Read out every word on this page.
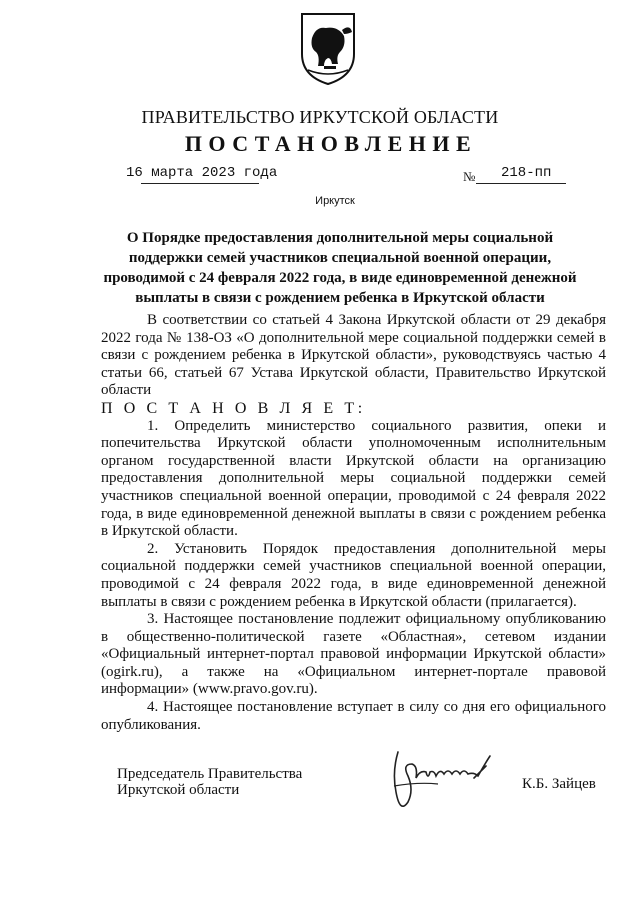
ПРАВИТЕЛЬСТВО ИРКУТСКОЙ ОБЛАСТИ
ПОСТАНОВЛЕНИЕ
16 марта 2023 года	№ 218-пп
Иркутск
О Порядке предоставления дополнительной меры социальной
поддержки семей участников специальной военной операции,
проводимой с 24 февраля 2022 года, в виде единовременной денежной
выплаты в связи с рождением ребенка в Иркутской области

В соответствии со статьей 4 Закона Иркутской области от 29 декабря 2022 года № 138-ОЗ «О дополнительной мере социальной поддержки семей в связи с рождением ребенка в Иркутской области», руководствуясь частью 4 статьи 66, статьей 67 Устава Иркутской области, Правительство Иркутской области

П О С Т А Н О В Л Я Е Т:

1. Определить министерство социального развития, опеки и попечительства Иркутской области уполномоченным исполнительным органом государственной власти Иркутской области на организацию предоставления дополнительной меры социальной поддержки семей участников специальной военной операции, проводимой с 24 февраля 2022 года, в виде единовременной денежной выплаты в связи с рождением ребенка в Иркутской области.

2. Установить Порядок предоставления дополнительной меры социальной поддержки семей участников специальной военной операции, проводимой с 24 февраля 2022 года, в виде единовременной денежной выплаты в связи с рождением ребенка в Иркутской области (прилагается).

3. Настоящее постановление подлежит официальному опубликованию в общественно-политической газете «Областная», сетевом издании «Официальный интернет-портал правовой информации Иркутской области» (ogirk.ru), а также на «Официальном интернет-портале правовой информации» (www.pravo.gov.ru).

4. Настоящее постановление вступает в силу со дня его официального опубликования.

Председатель Правительства
Иркутской области	К.Б. Зайцев
